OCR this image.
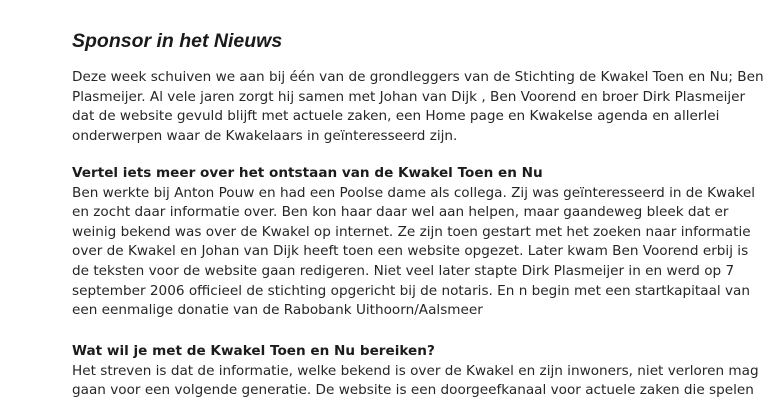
Sponsor in het Nieuws

Deze week schuiven we aan bij één van de grondleggers van de Stichting de Kwakel Toen en Nu; Ben
Plasmeijer. Al vele jaren zorgt hij samen met Johan van Dijk , Ben Voorend en broer Dirk Plasmeijer
dat de website gevuld blijft met actuele zaken, een Home page en Kwakelse agenda en allerlei
onderwerpen waar de Kwakelaars in geïnteresseerd zijn.

Vertel iets meer over het ontstaan van de Kwakel Toen en Nu
Ben werkte bij Anton Pouw en had een Poolse dame als collega. Zij was geïnteresseerd in de Kwakel
en zocht daar informatie over. Ben kon haar daar wel aan helpen, maar gaandeweg bleek dat er
weinig bekend was over de Kwakel op internet. Ze zijn toen gestart met het zoeken naar informatie
over de Kwakel en Johan van Dijk heeft toen een website opgezet. Later kwam Ben Voorend erbij is
de teksten voor de website gaan redigeren. Niet veel later stapte Dirk Plasmeijer in en werd op 7
september 2006 officieel de stichting opgericht bij de notaris. En n begin met een startkapitaal van
een eenmalige donatie van de Rabobank Uithoorn/Aalsmeer
Wat wil je met de Kwakel Toen en Nu bereiken?
Het streven is dat de informatie, welke bekend is over de Kwakel en zijn inwoners, niet verloren mag
gaan voor een volgende generatie. De website is een doorgeefkanaal voor actuele zaken die spelen
